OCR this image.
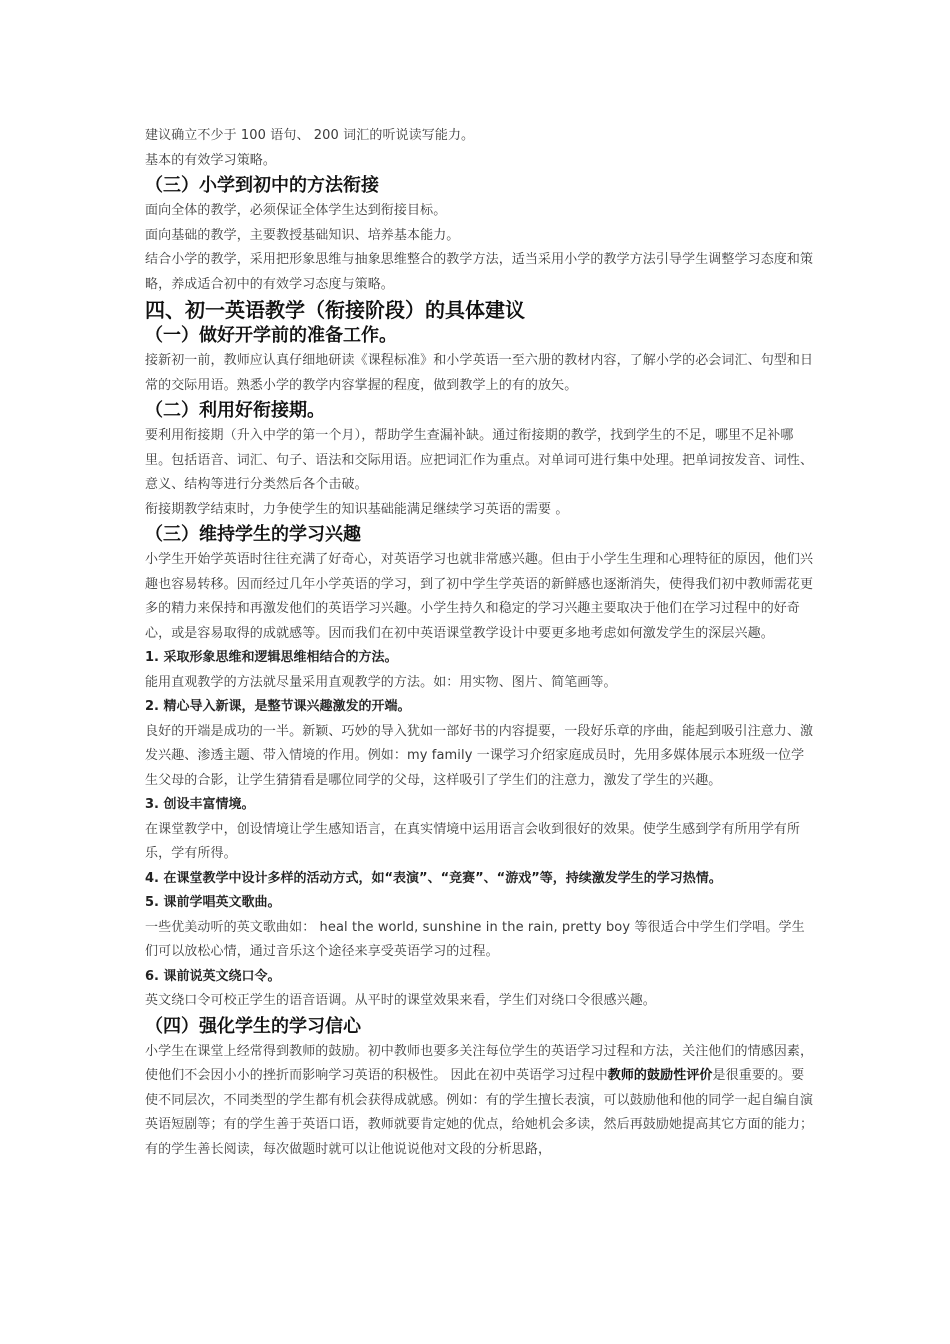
建议确立不少于 100 语句、 200 词汇的听说读写能力。

基本的有效学习策略。

（三）小学到初中的方法衔接

面向全体的教学，必须保证全体学生达到衔接目标。

面向基础的教学，主要教授基础知识、培养基本能力。

结合小学的教学，采用把形象思维与抽象思维整合的教学方法，适当采用小学的教学方法引导学生调整学习态度和策略，养成适合初中的有效学习态度与策略。

四、初一英语教学（衔接阶段）的具体建议
（一）做好开学前的准备工作。

接新初一前，教师应认真仔细地研读《课程标准》和小学英语一至六册的教材内容，了解小学的必会词汇、句型和日常的交际用语。熟悉小学的教学内容掌握的程度，做到教学上的有的放矢。

（二）利用好衔接期。

要利用衔接期（升入中学的第一个月），帮助学生查漏补缺。通过衔接期的教学，找到学生的不足，哪里不足补哪里。包括语音、词汇、句子、语法和交际用语。应把词汇作为重点。对单词可进行集中处理。把单词按发音、词性、意义、结构等进行分类然后各个击破。

衔接期教学结束时，力争使学生的知识基础能满足继续学习英语的需要 。

（三）维持学生的学习兴趣

小学生开始学英语时往往充满了好奇心，对英语学习也就非常感兴趣。但由于小学生生理和心理特征的原因，他们兴趣也容易转移。因而经过几年小学英语的学习，到了初中学生学英语的新鲜感也逐渐消失，使得我们初中教师需花更多的精力来保持和再激发他们的英语学习兴趣。小学生持久和稳定的学习兴趣主要取决于他们在学习过程中的好奇心，或是容易取得的成就感等。因而我们在初中英语课堂教学设计中要更多地考虑如何激发学生的深层兴趣。

1. 采取形象思维和逻辑思维相结合的方法。

能用直观教学的方法就尽量采用直观教学的方法。如：用实物、图片、简笔画等。

2. 精心导入新课，是整节课兴趣激发的开端。

良好的开端是成功的一半。新颖、巧妙的导入犹如一部好书的内容提要，一段好乐章的序曲，能起到吸引注意力、激发兴趣、渗透主题、带入情境的作用。例如：my family 一课学习介绍家庭成员时，先用多媒体展示本班级一位学生父母的合影，让学生猜猜看是哪位同学的父母，这样吸引了学生们的注意力，激发了学生的兴趣。

3. 创设丰富情境。

在课堂教学中，创设情境让学生感知语言，在真实情境中运用语言会收到很好的效果。使学生感到学有所用学有所乐，学有所得。

4. 在课堂教学中设计多样的活动方式，如“表演”、“竞赛”、“游戏”等，持续激发学生的学习热情。
5. 课前学唱英文歌曲。

一些优美动听的英文歌曲如： heal the world, sunshine in the rain, pretty boy 等很适合中学生们学唱。学生们可以放松心情，通过音乐这个途径来享受英语学习的过程。

6. 课前说英文绕口令。

英文绕口令可校正学生的语音语调。从平时的课堂效果来看，学生们对绕口令很感兴趣。

（四）强化学生的学习信心

小学生在课堂上经常得到教师的鼓励。初中教师也要多关注每位学生的英语学习过程和方法，关注他们的情感因素，使他们不会因小小的挫折而影响学习英语的积极性。 因此在初中英语学习过程中教师的鼓励性评价是很重要的。要使不同层次，不同类型的学生都有机会获得成就感。例如：有的学生擅长表演，可以鼓励他和他的同学一起自编自演英语短剧等；有的学生善于英语口语，教师就要肯定她的优点，给她机会多读，然后再鼓励她提高其它方面的能力；有的学生善长阅读，每次做题时就可以让他说说他对文段的分析思路，
